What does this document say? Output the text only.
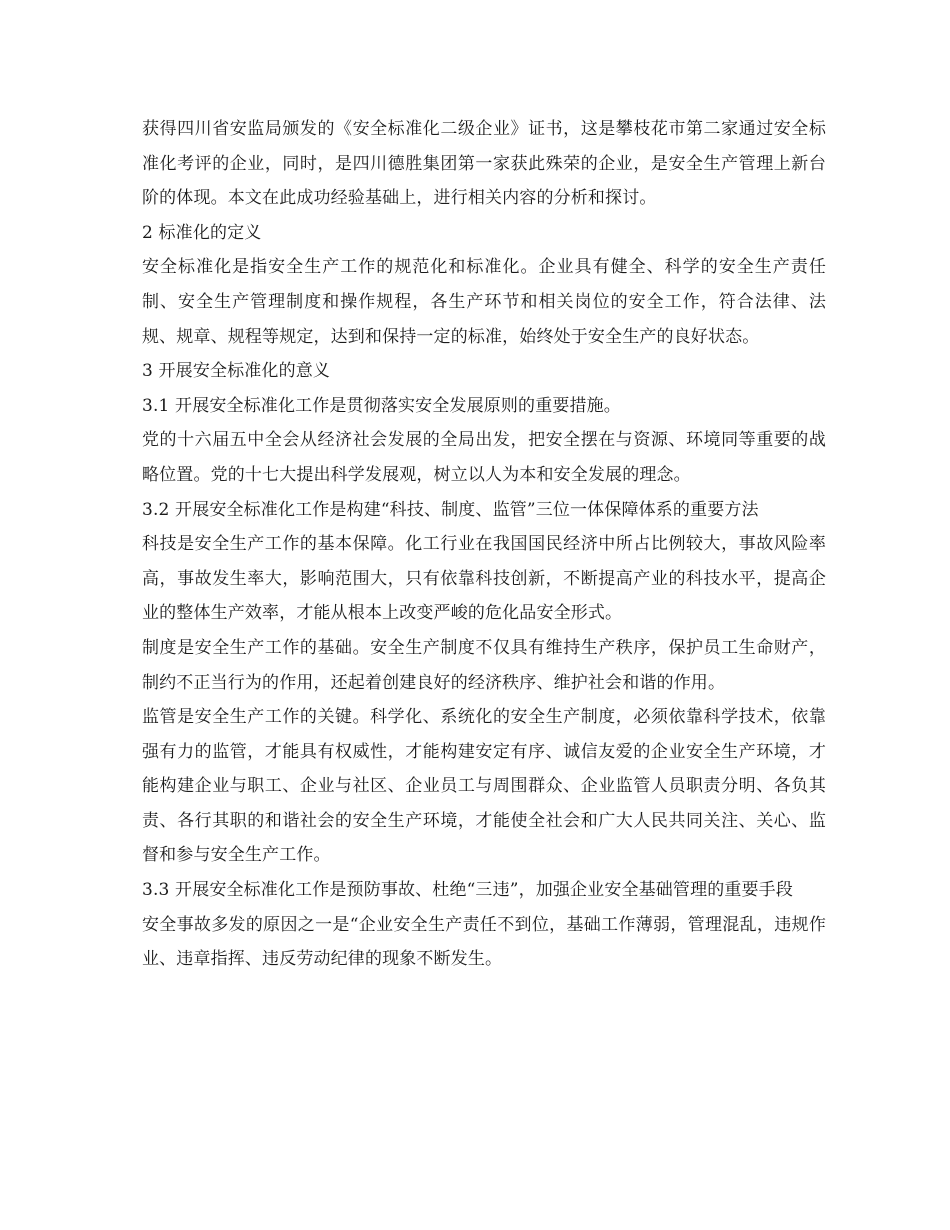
获得四川省安监局颁发的《安全标准化二级企业》证书，这是攀枝花市第二家通过安全标准化考评的企业，同时，是四川德胜集团第一家获此殊荣的企业，是安全生产管理上新台阶的体现。本文在此成功经验基础上，进行相关内容的分析和探讨。

2 标准化的定义

安全标准化是指安全生产工作的规范化和标准化。企业具有健全、科学的安全生产责任制、安全生产管理制度和操作规程，各生产环节和相关岗位的安全工作，符合法律、法规、规章、规程等规定，达到和保持一定的标准，始终处于安全生产的良好状态。

3 开展安全标准化的意义

3.1 开展安全标准化工作是贯彻落实安全发展原则的重要措施。

党的十六届五中全会从经济社会发展的全局出发，把安全摆在与资源、环境同等重要的战略位置。党的十七大提出科学发展观，树立以人为本和安全发展的理念。

3.2 开展安全标准化工作是构建“科技、制度、监管”三位一体保障体系的重要方法

科技是安全生产工作的基本保障。化工行业在我国国民经济中所占比例较大，事故风险率高，事故发生率大，影响范围大，只有依靠科技创新，不断提高产业的科技水平，提高企业的整体生产效率，才能从根本上改变严峻的危化品安全形式。

制度是安全生产工作的基础。安全生产制度不仅具有维持生产秩序，保护员工生命财产，制约不正当行为的作用，还起着创建良好的经济秩序、维护社会和谐的作用。

监管是安全生产工作的关键。科学化、系统化的安全生产制度，必须依靠科学技术，依靠强有力的监管，才能具有权威性，才能构建安定有序、诚信友爱的企业安全生产环境，才能构建企业与职工、企业与社区、企业员工与周围群众、企业监管人员职责分明、各负其责、各行其职的和谐社会的安全生产环境，才能使全社会和广大人民共同关注、关心、监督和参与安全生产工作。

3.3 开展安全标准化工作是预防事故、杜绝“三违”，加强企业安全基础管理的重要手段

安全事故多发的原因之一是“企业安全生产责任不到位，基础工作薄弱，管理混乱，违规作业、违章指挥、违反劳动纪律的现象不断发生。
